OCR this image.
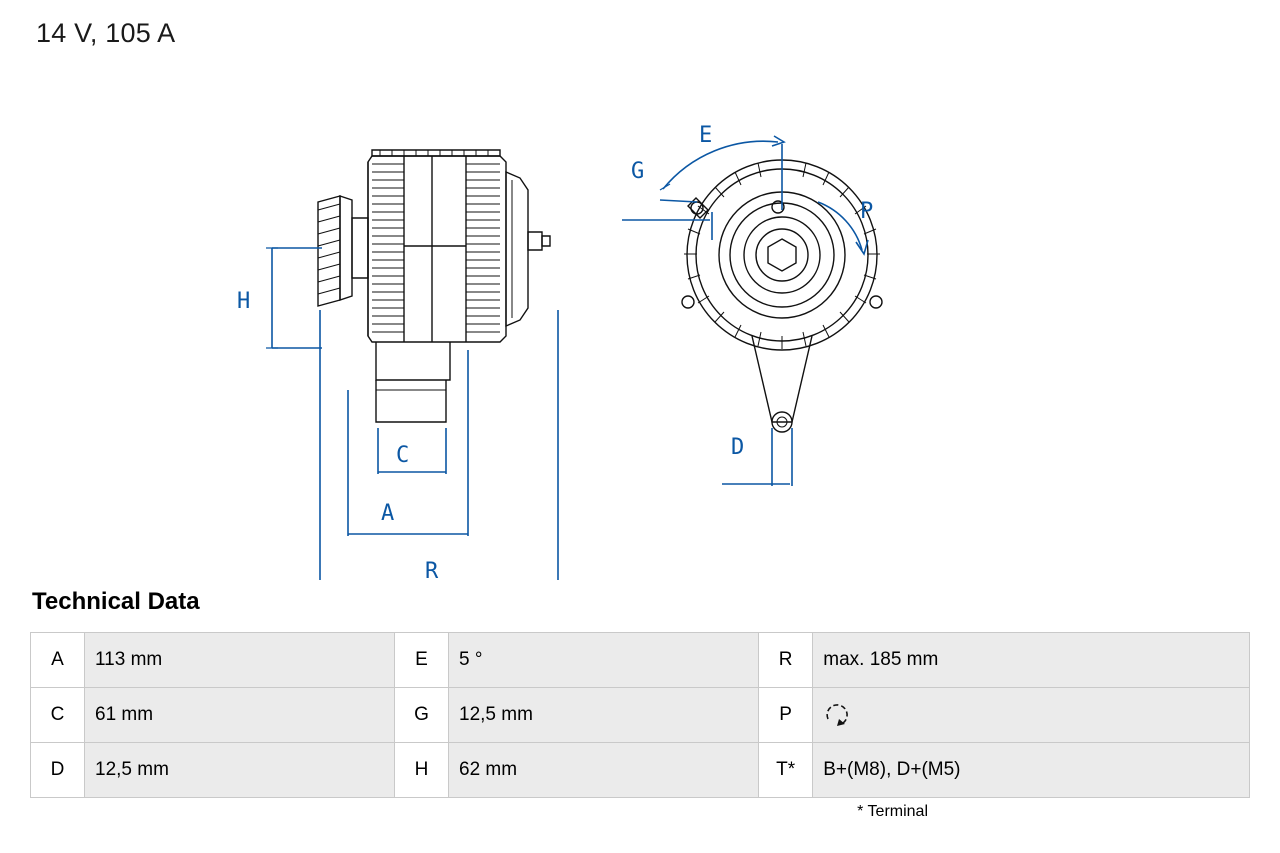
14 V, 105 A
H
C
A
R
E
G
P
D
Technical Data
A	113 mm	E	5 °	R	max. 185 mm
C	61 mm	G	12,5 mm	P	
D	12,5 mm	H	62 mm	T*	B+(M8), D+(M5)
* Terminal
